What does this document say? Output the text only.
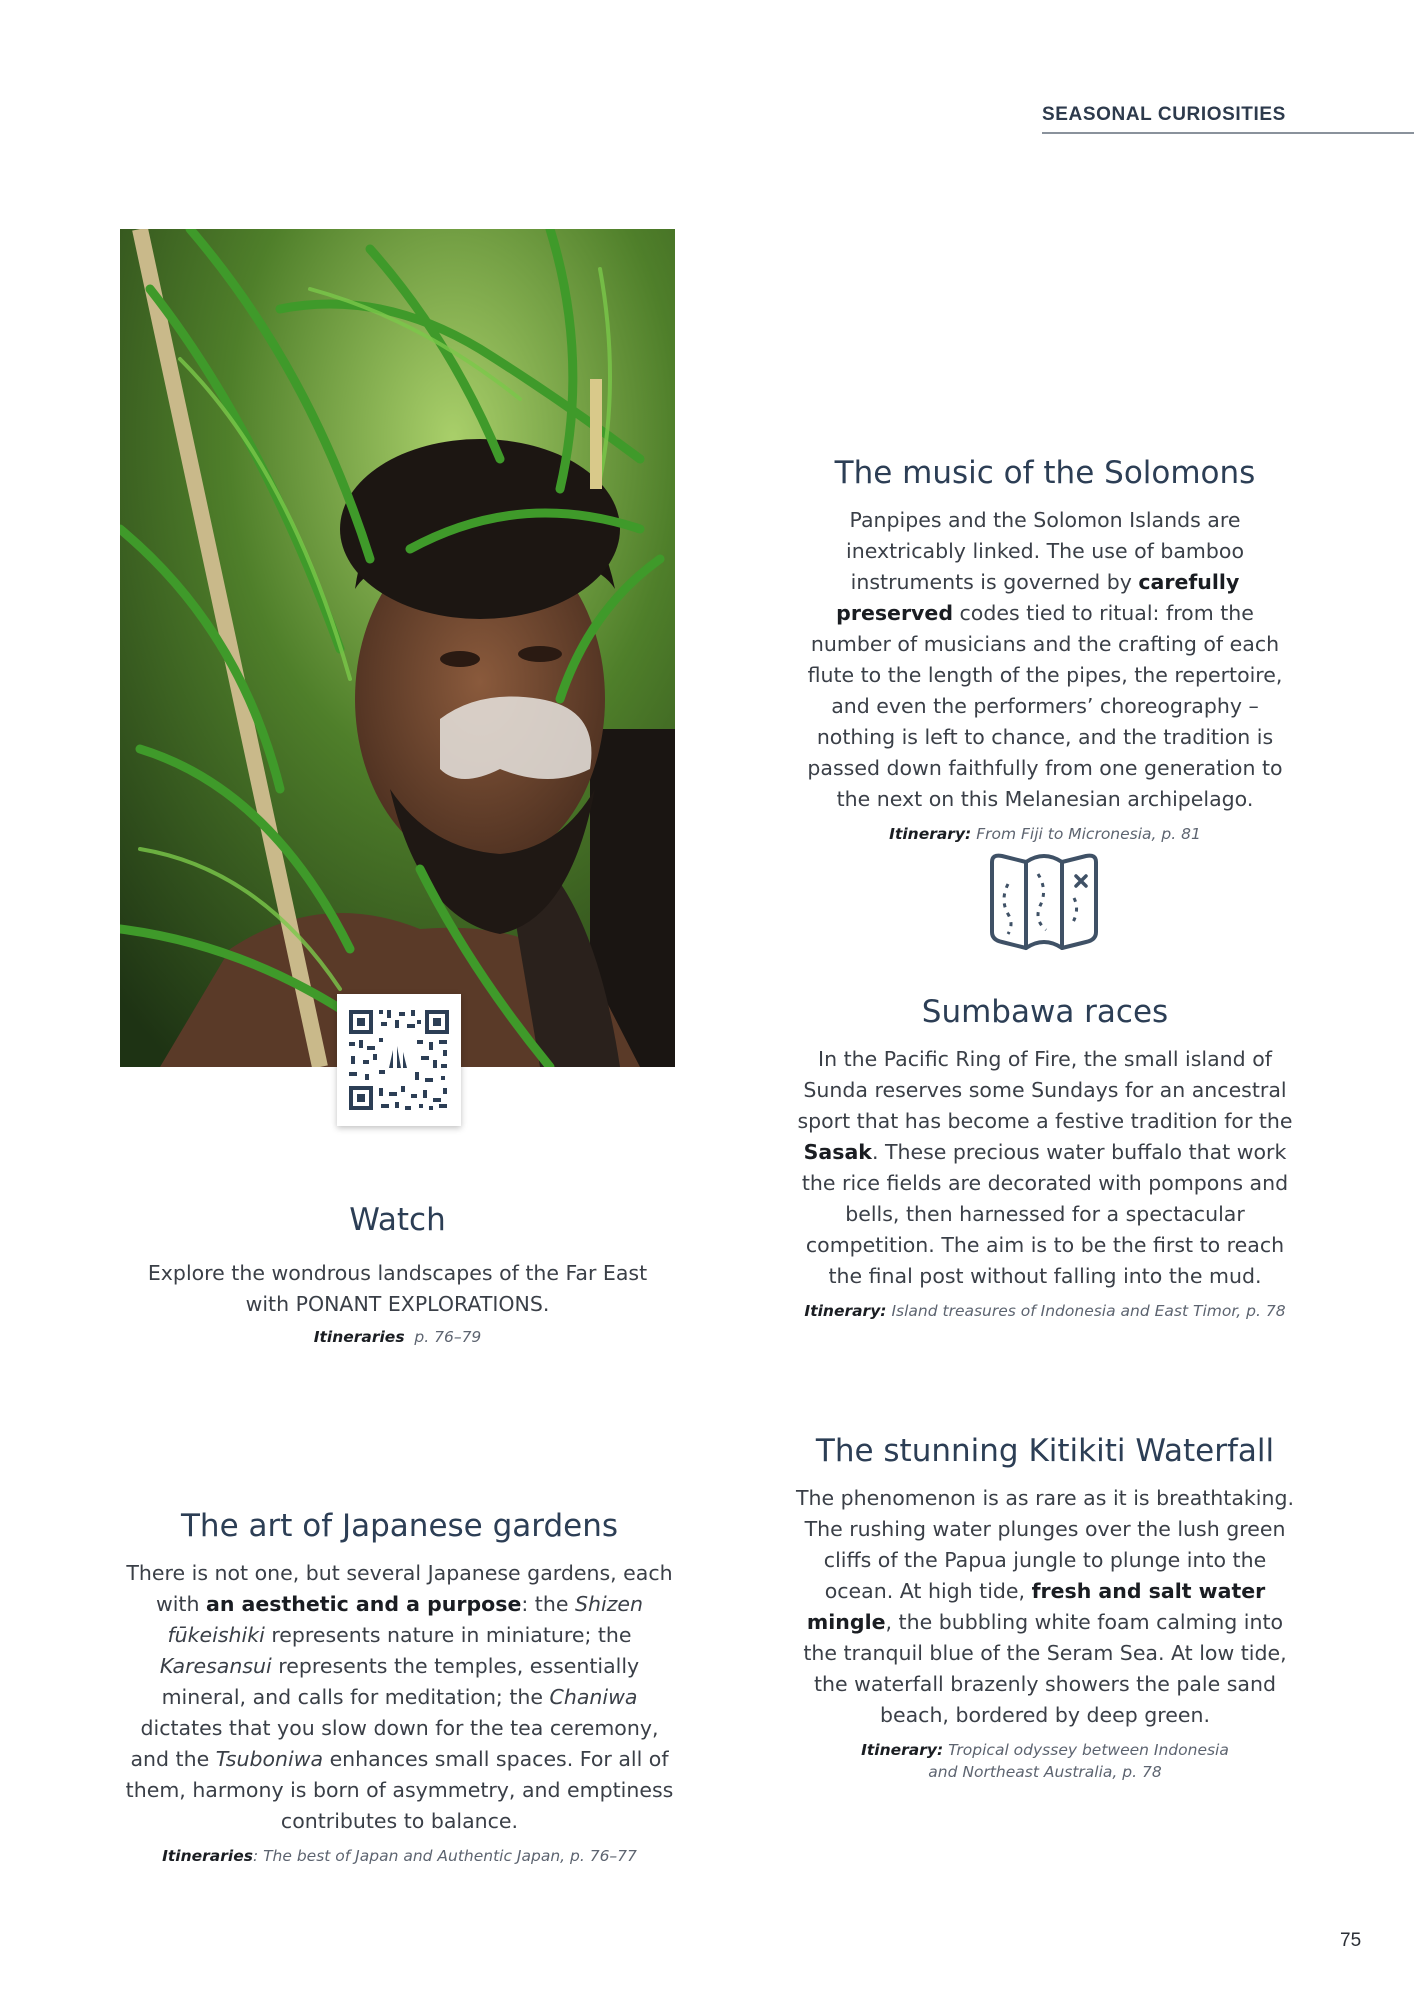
SEASONAL CURIOSITIES
Watch

Explore the wondrous landscapes of the Far East
with PONANT EXPLORATIONS.

Itineraries p. 76–79
The music of the Solomons

Panpipes and the Solomon Islands are inextricably linked. The use of bamboo instruments is governed by carefully preserved codes tied to ritual: from the number of musicians and the crafting of each flute to the length of the pipes, the repertoire, and even the performers’ choreography – nothing is left to chance, and the tradition is passed down faithfully from one generation to the next on this Melanesian archipelago.

Itinerary: From Fiji to Micronesia, p. 81
Sumbawa races

In the Pacific Ring of Fire, the small island of Sunda reserves some Sundays for an ancestral sport that has become a festive tradition for the Sasak. These precious water buffalo that work the rice fields are decorated with pompons and bells, then harnessed for a spectacular competition. The aim is to be the first to reach the final post without falling into the mud.

Itinerary: Island treasures of Indonesia and East Timor, p. 78
The art of Japanese gardens

There is not one, but several Japanese gardens, each with an aesthetic and a purpose: the Shizen fūkeishiki represents nature in miniature; the Karesansui represents the temples, essentially mineral, and calls for meditation; the Chaniwa dictates that you slow down for the tea ceremony, and the Tsuboniwa enhances small spaces. For all of them, harmony is born of asymmetry, and emptiness contributes to balance.

Itineraries: The best of Japan and Authentic Japan, p. 76–77
The stunning Kitikiti Waterfall

The phenomenon is as rare as it is breathtaking. The rushing water plunges over the lush green cliffs of the Papua jungle to plunge into the ocean. At high tide, fresh and salt water mingle, the bubbling white foam calming into the tranquil blue of the Seram Sea. At low tide, the waterfall brazenly showers the pale sand beach, bordered by deep green.

Itinerary: Tropical odyssey between Indonesia
and Northeast Australia, p. 78
75
